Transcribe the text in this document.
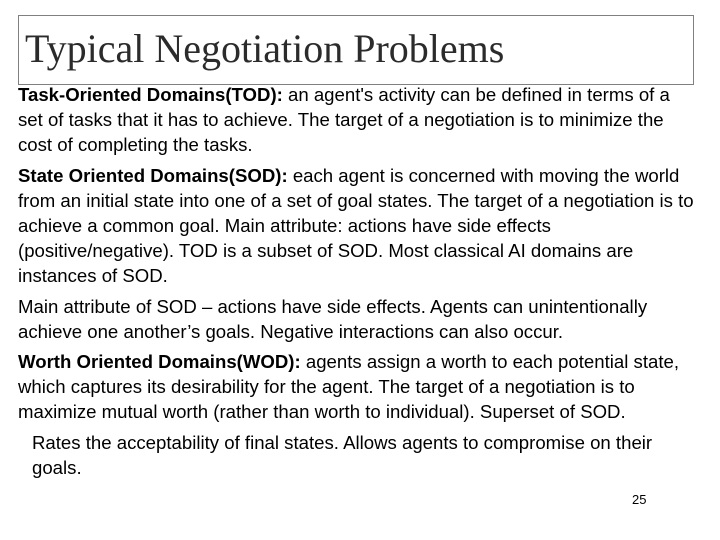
Typical Negotiation Problems

Task-Oriented Domains(TOD): an agent's activity can be defined in terms of a set of tasks that it has to achieve. The target of a negotiation is to minimize the cost of completing the tasks.

State Oriented Domains(SOD): each agent is concerned with moving the world from an initial state into one of a set of goal states. The target of a negotiation is to achieve a common goal. Main attribute: actions have side effects (positive/negative). TOD is a subset of SOD. Most classical AI domains are instances of SOD.

Main attribute of SOD – actions have side effects. Agents can unintentionally achieve one another’s goals. Negative interactions can also occur.

Worth Oriented Domains(WOD): agents assign a worth to each potential state, which captures its desirability for the agent. The target of a negotiation is to maximize mutual worth (rather than worth to individual). Superset of SOD.

Rates the acceptability of final states. Allows agents to compromise on their goals.

25
